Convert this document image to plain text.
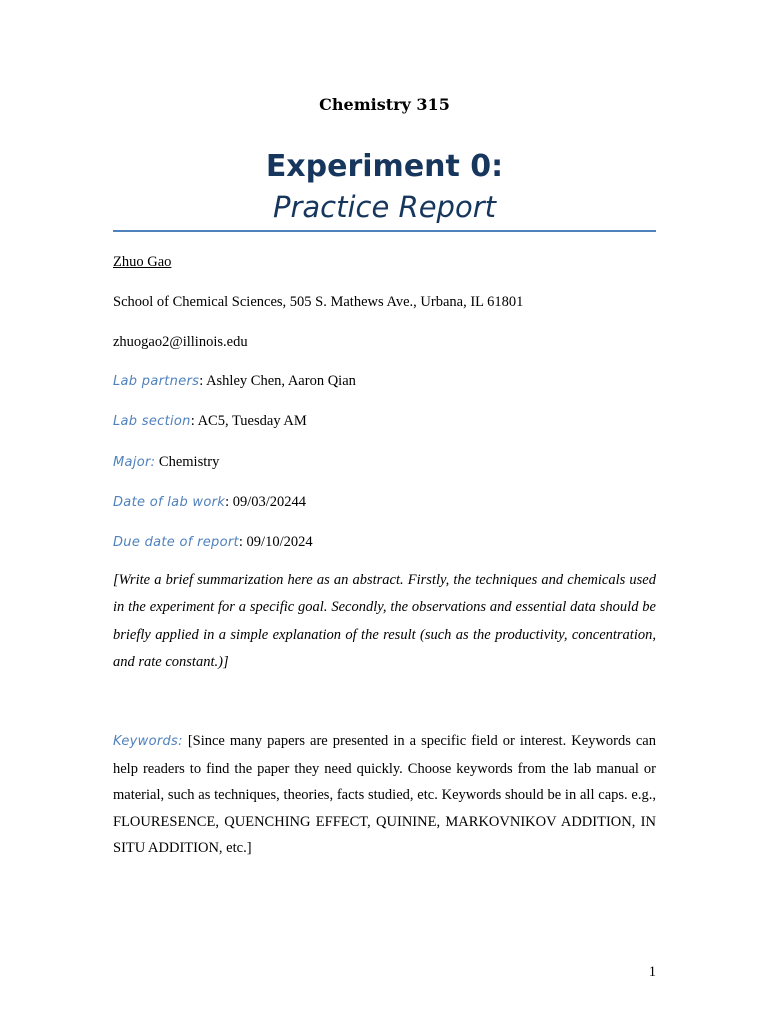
Chemistry 315
Experiment 0:
Practice Report
Zhuo Gao
School of Chemical Sciences, 505 S. Mathews Ave., Urbana, IL 61801
zhuogao2@illinois.edu
Lab partners: Ashley Chen, Aaron Qian
Lab section: AC5, Tuesday AM
Major: Chemistry
Date of lab work: 09/03/20244
Due date of report: 09/10/2024
[Write a brief summarization here as an abstract. Firstly, the techniques and chemicals used in the experiment for a specific goal. Secondly, the observations and essential data should be briefly applied in a simple explanation of the result (such as the productivity, concentration, and rate constant.)]
Keywords: [Since many papers are presented in a specific field or interest. Keywords can help readers to find the paper they need quickly. Choose keywords from the lab manual or material, such as techniques, theories, facts studied, etc. Keywords should be in all caps. e.g., FLOURESENCE, QUENCHING EFFECT, QUININE, MARKOVNIKOV ADDITION, IN SITU ADDITION, etc.]
1
